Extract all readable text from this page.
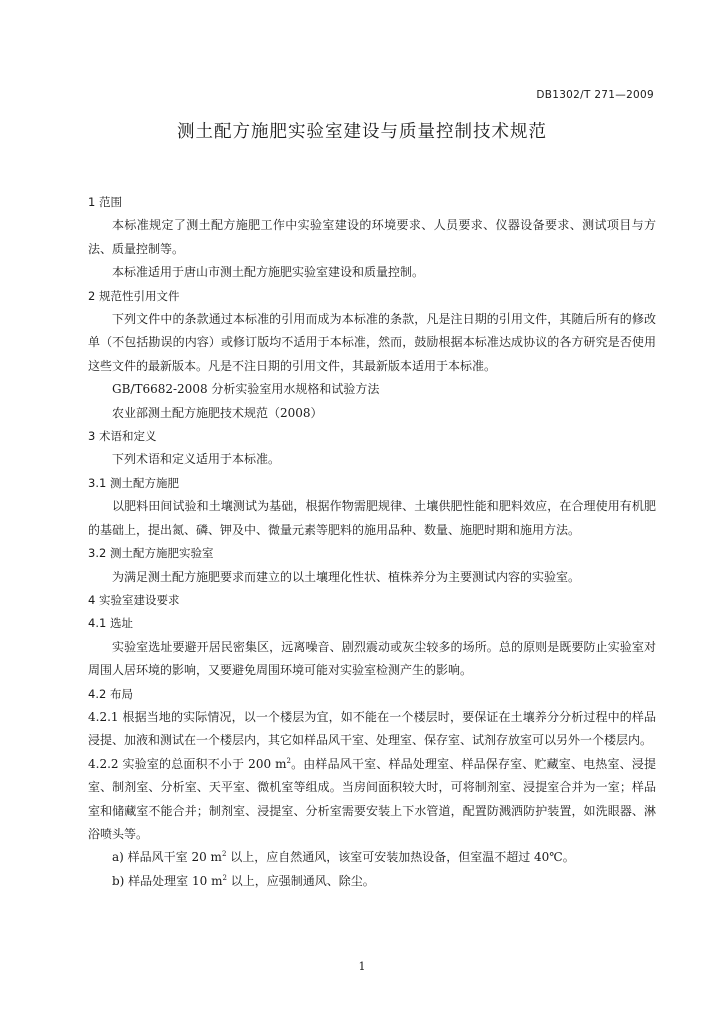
DB1302/T 271—2009
测土配方施肥实验室建设与质量控制技术规范

1 范围

本标准规定了测土配方施肥工作中实验室建设的环境要求、人员要求、仪器设备要求、测试项目与方法、质量控制等。

本标准适用于唐山市测土配方施肥实验室建设和质量控制。

2 规范性引用文件

下列文件中的条款通过本标准的引用而成为本标准的条款，凡是注日期的引用文件，其随后所有的修改单（不包括勘误的内容）或修订版均不适用于本标准，然而，鼓励根据本标准达成协议的各方研究是否使用这些文件的最新版本。凡是不注日期的引用文件，其最新版本适用于本标准。

GB/T6682-2008 分析实验室用水规格和试验方法

农业部测土配方施肥技术规范（2008）

3 术语和定义

下列术语和定义适用于本标准。

3.1 测土配方施肥

以肥料田间试验和土壤测试为基础，根据作物需肥规律、土壤供肥性能和肥料效应，在合理使用有机肥的基础上，提出氮、磷、钾及中、微量元素等肥料的施用品种、数量、施肥时期和施用方法。

3.2 测土配方施肥实验室

为满足测土配方施肥要求而建立的以土壤理化性状、植株养分为主要测试内容的实验室。

4 实验室建设要求

4.1 选址

实验室选址要避开居民密集区，远离噪音、剧烈震动或灰尘较多的场所。总的原则是既要防止实验室对周围人居环境的影响，又要避免周围环境可能对实验室检测产生的影响。

4.2 布局

4.2.1 根据当地的实际情况，以一个楼层为宜，如不能在一个楼层时，要保证在土壤养分分析过程中的样品浸提、加液和测试在一个楼层内，其它如样品风干室、处理室、保存室、试剂存放室可以另外一个楼层内。

4.2.2 实验室的总面积不小于 200 $m^2$。由样品风干室、样品处理室、样品保存室、贮藏室、电热室、浸提室、制剂室、分析室、天平室、微机室等组成。当房间面积较大时，可将制剂室、浸提室合并为一室；样品室和储藏室不能合并；制剂室、浸提室、分析室需要安装上下水管道，配置防溅洒防护装置，如洗眼器、淋浴喷头等。

a) 样品风干室 20 $m^2$ 以上，应自然通风，该室可安装加热设备，但室温不超过 40℃。

b) 样品处理室 10 $m^2$ 以上，应强制通风、除尘。

1
